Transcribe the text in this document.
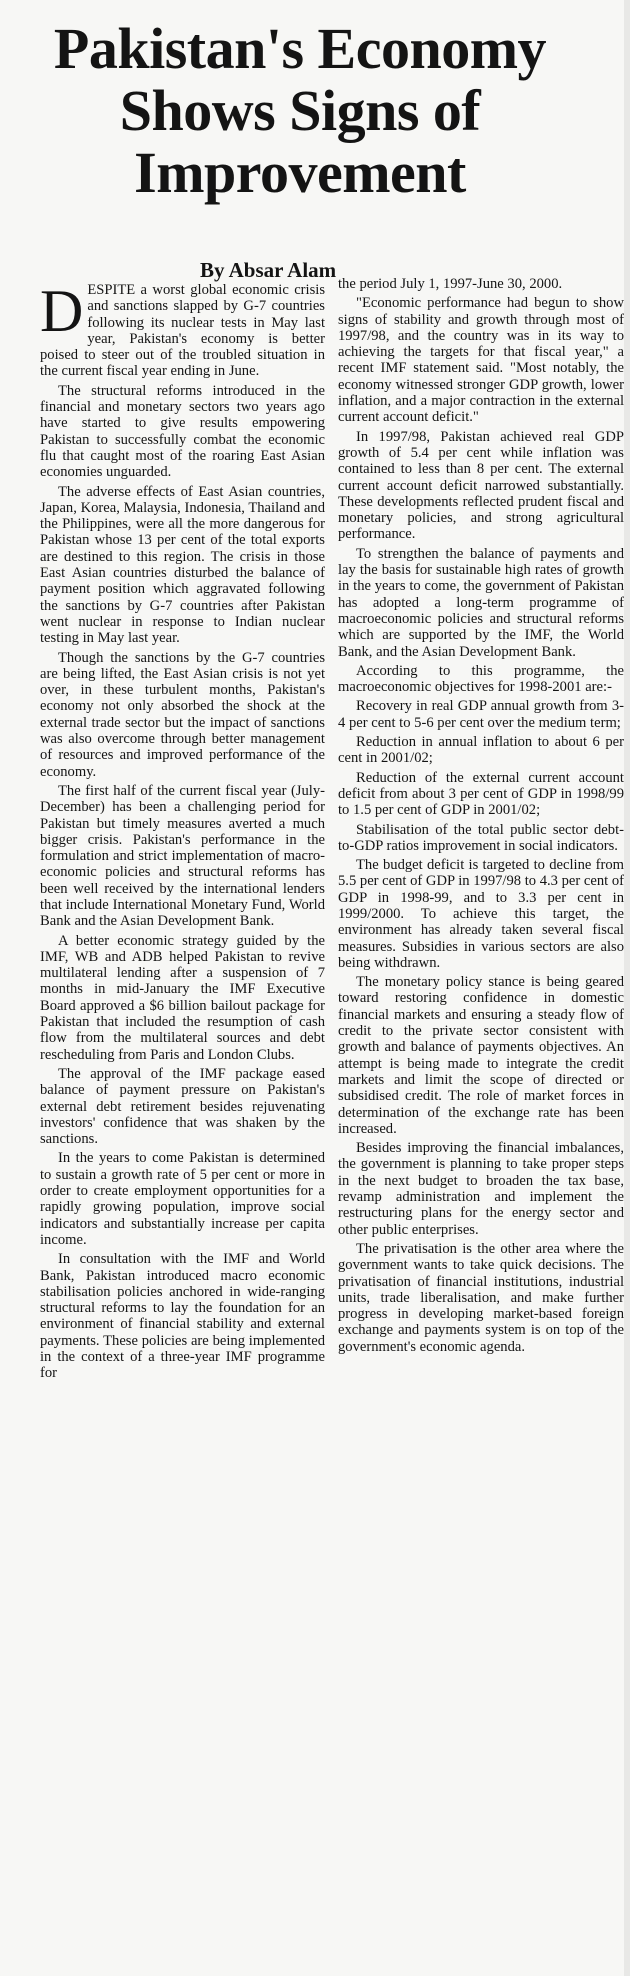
Pakistan's Economy Shows Signs of Improvement
By Absar Alam

DESPITE a worst global economic crisis and sanctions slapped by G-7 countries following its nuclear tests in May last year, Pakistan's economy is better poised to steer out of the troubled situation in the current fiscal year ending in June.

The structural reforms introduced in the financial and monetary sectors two years ago have started to give results empowering Pakistan to successfully combat the economic flu that caught most of the roaring East Asian economies unguarded.

The adverse effects of East Asian countries, Japan, Korea, Malaysia, Indonesia, Thailand and the Philippines, were all the more dangerous for Pakistan whose 13 per cent of the total exports are destined to this region. The crisis in those East Asian countries disturbed the balance of payment position which aggravated following the sanctions by G-7 countries after Pakistan went nuclear in response to Indian nuclear testing in May last year.

Though the sanctions by the G-7 countries are being lifted, the East Asian crisis is not yet over, in these turbulent months, Pakistan's economy not only absorbed the shock at the external trade sector but the impact of sanctions was also overcome through better management of resources and improved performance of the economy.

The first half of the current fiscal year (July-December) has been a challenging period for Pakistan but timely measures averted a much bigger crisis. Pakistan's performance in the formulation and strict implementation of macro-economic policies and structural reforms has been well received by the international lenders that include International Monetary Fund, World Bank and the Asian Development Bank.

A better economic strategy guided by the IMF, WB and ADB helped Pakistan to revive multilateral lending after a suspension of 7 months in mid-January the IMF Executive Board approved a $6 billion bailout package for Pakistan that included the resumption of cash flow from the multilateral sources and debt rescheduling from Paris and London Clubs.

The approval of the IMF package eased balance of payment pressure on Pakistan's external debt retirement besides rejuvenating investors' confidence that was shaken by the sanctions.

In the years to come Pakistan is determined to sustain a growth rate of 5 per cent or more in order to create employment opportunities for a rapidly growing population, improve social indicators and substantially increase per capita income.

In consultation with the IMF and World Bank, Pakistan introduced macro economic stabilisation policies anchored in wide-ranging structural reforms to lay the foundation for an environment of financial stability and external payments. These policies are being implemented in the context of a three-year IMF programme for

the period July 1, 1997-June 30, 2000.

"Economic performance had begun to show signs of stability and growth through most of 1997/98, and the country was in its way to achieving the targets for that fiscal year," a recent IMF statement said. "Most notably, the economy witnessed stronger GDP growth, lower inflation, and a major contraction in the external current account deficit."

In 1997/98, Pakistan achieved real GDP growth of 5.4 per cent while inflation was contained to less than 8 per cent. The external current account deficit narrowed substantially. These developments reflected prudent fiscal and monetary policies, and strong agricultural performance.

To strengthen the balance of payments and lay the basis for sustainable high rates of growth in the years to come, the government of Pakistan has adopted a long-term programme of macroeconomic policies and structural reforms which are supported by the IMF, the World Bank, and the Asian Development Bank.

According to this programme, the macroeconomic objectives for 1998-2001 are:-

Recovery in real GDP annual growth from 3-4 per cent to 5-6 per cent over the medium term;

Reduction in annual inflation to about 6 per cent in 2001/02;

Reduction of the external current account deficit from about 3 per cent of GDP in 1998/99 to 1.5 per cent of GDP in 2001/02;

Stabilisation of the total public sector debt-to-GDP ratios improvement in social indicators.

The budget deficit is targeted to decline from 5.5 per cent of GDP in 1997/98 to 4.3 per cent of GDP in 1998-99, and to 3.3 per cent in 1999/2000. To achieve this target, the environment has already taken several fiscal measures. Subsidies in various sectors are also being withdrawn.

The monetary policy stance is being geared toward restoring confidence in domestic financial markets and ensuring a steady flow of credit to the private sector consistent with growth and balance of payments objectives. An attempt is being made to integrate the credit markets and limit the scope of directed or subsidised credit. The role of market forces in determination of the exchange rate has been increased.

Besides improving the financial imbalances, the government is planning to take proper steps in the next budget to broaden the tax base, revamp administration and implement the restructuring plans for the energy sector and other public enterprises.

The privatisation is the other area where the government wants to take quick decisions. The privatisation of financial institutions, industrial units, trade liberalisation, and make further progress in developing market-based foreign exchange and payments system is on top of the government's economic agenda.
